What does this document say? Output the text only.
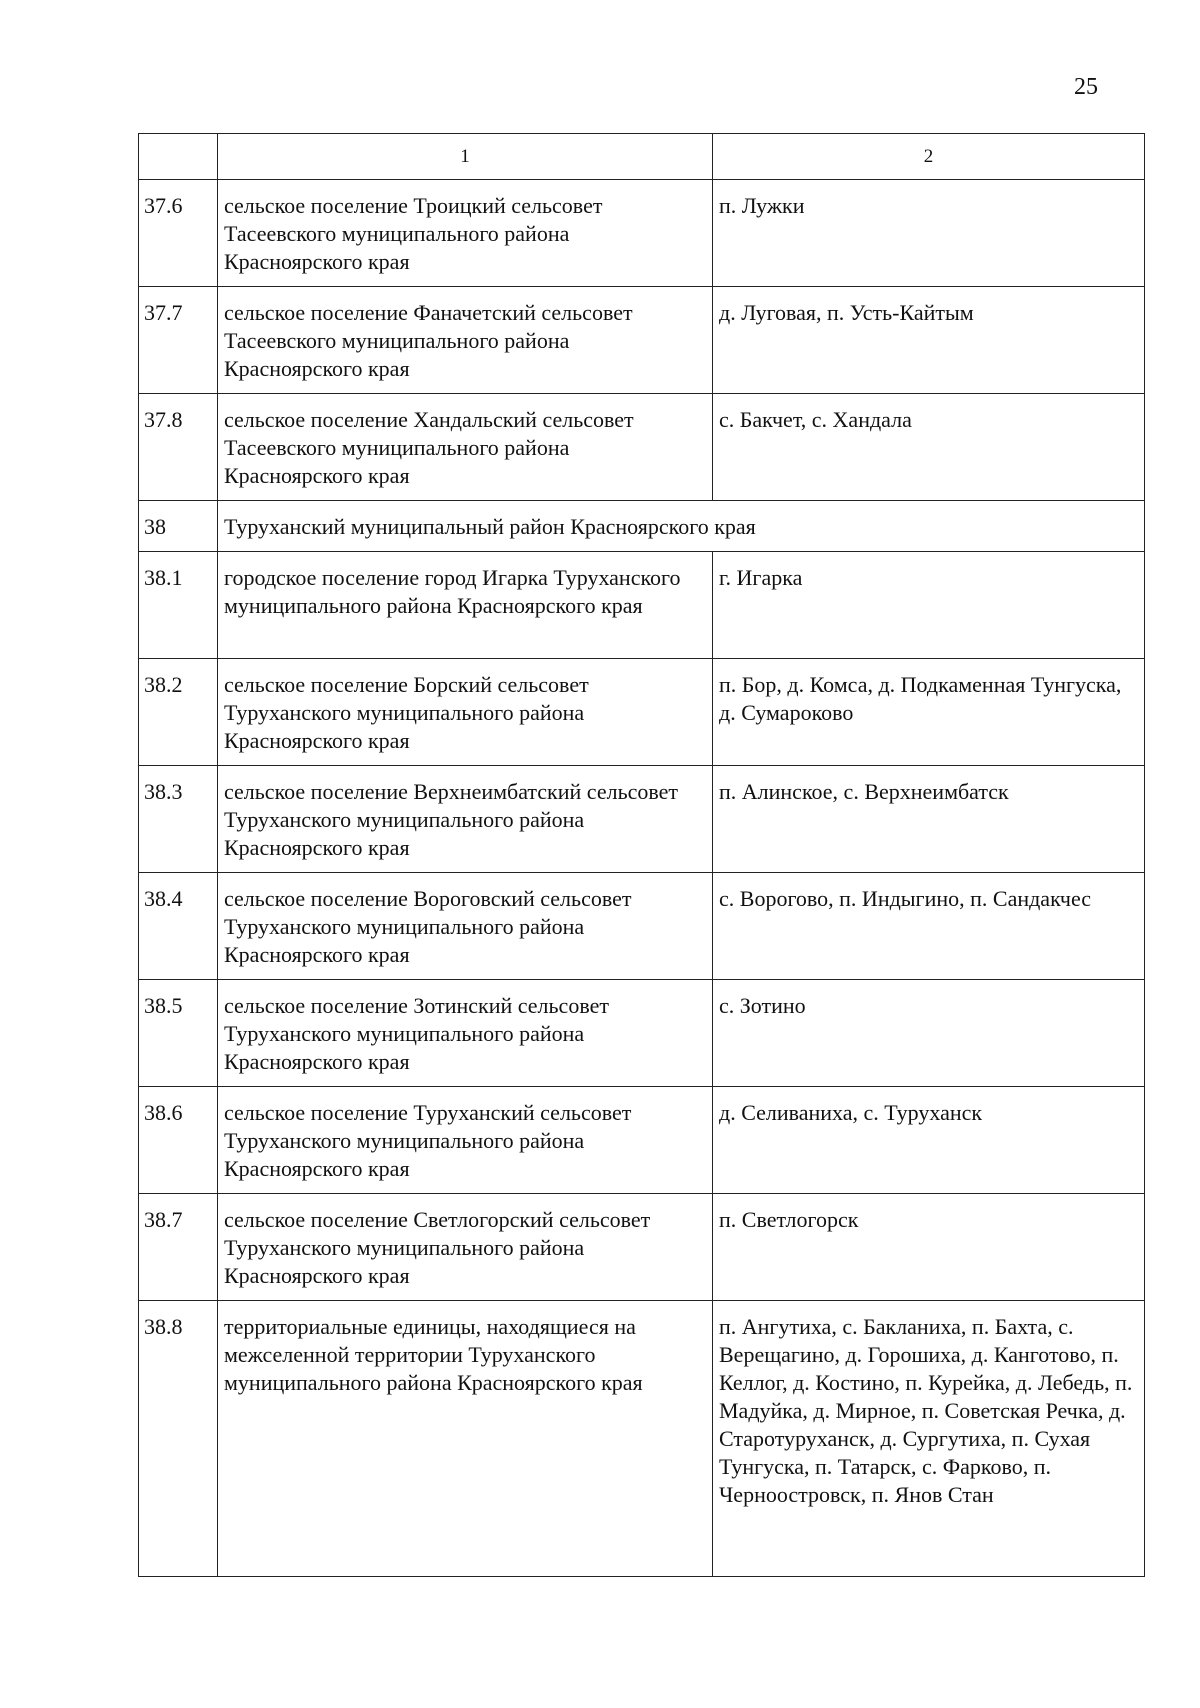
25
	1	2
37.6	сельское поселение Троицкий сельсовет Тасеевского муниципального района Красноярского края	п. Лужки
37.7	сельское поселение Фаначетский сельсовет Тасеевского муниципального района Красноярского края	д. Луговая, п. Усть-Кайтым
37.8	сельское поселение Хандальский сельсовет Тасеевского муниципального района Красноярского края	с. Бакчет, с. Хандала
38	Туруханский муниципальный район Красноярского края	
38.1	городское поселение город Игарка Туруханского муниципального района Красноярского края	г. Игарка
38.2	сельское поселение Борский сельсовет Туруханского муниципального района Красноярского края	п. Бор, д. Комса, д. Подкаменная Тунгуска, д. Сумароково
38.3	сельское поселение Верхнеимбатский сельсовет Туруханского муниципального района Красноярского края	п. Алинское, с. Верхнеимбатск
38.4	сельское поселение Вороговский сельсовет Туруханского муниципального района Красноярского края	с. Ворогово, п. Индыгино, п. Сандакчес
38.5	сельское поселение Зотинский сельсовет Туруханского муниципального района Красноярского края	с. Зотино
38.6	сельское поселение Туруханский сельсовет Туруханского муниципального района Красноярского края	д. Селиваниха, с. Туруханск
38.7	сельское поселение Светлогорский сельсовет Туруханского муниципального района Красноярского края	п. Светлогорск
38.8	территориальные единицы, находящиеся на межселенной территории Туруханского муниципального района Красноярского края	п. Ангутиха, с. Бакланиха, п. Бахта, с. Верещагино, д. Горошиха, д. Канготово, п. Келлог, д. Костино, п. Курейка, д. Лебедь, п. Мадуйка, д. Мирное, п. Советская Речка, д. Старотуруханск, д. Сургутиха, п. Сухая Тунгуска, п. Татарск, с. Фарково, п. Черноостровск, п. Янов Стан
